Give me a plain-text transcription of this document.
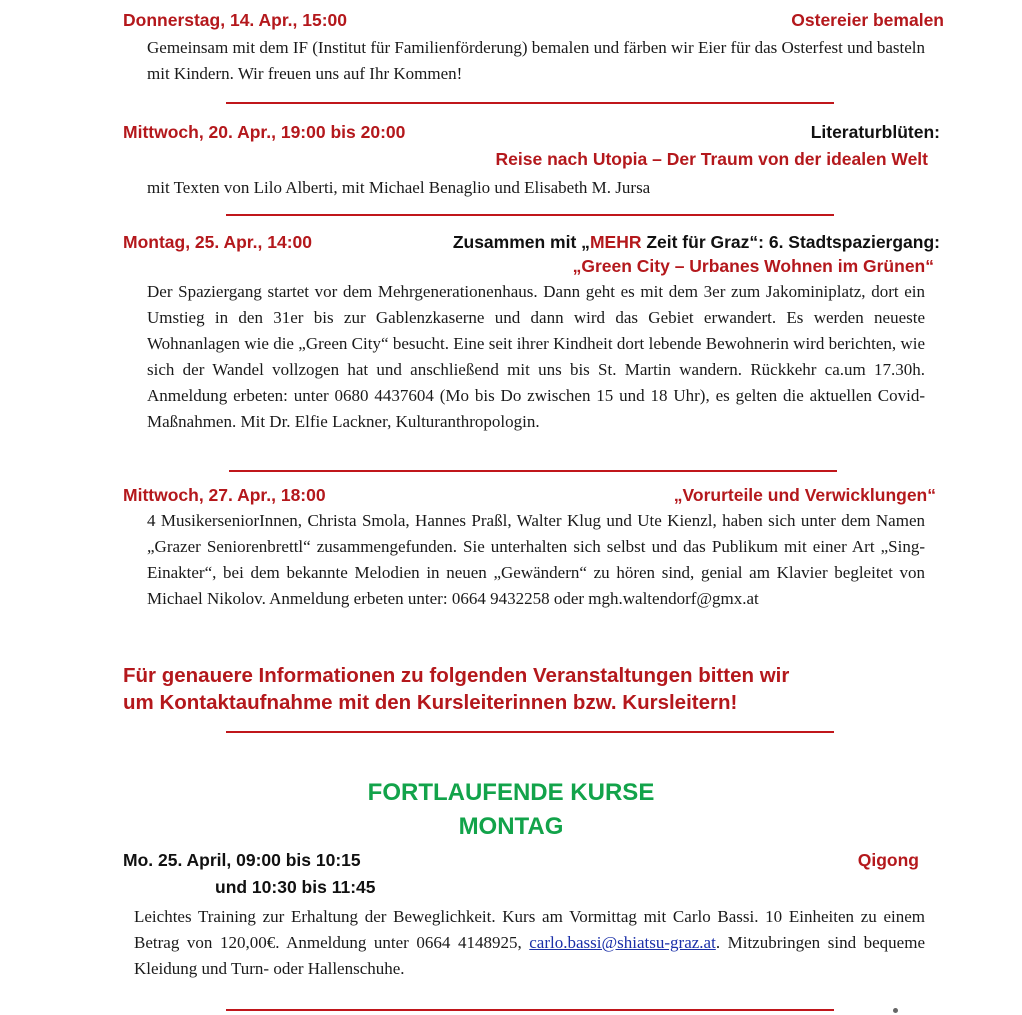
Donnerstag, 14. Apr., 15:00	Ostereier bemalen
Gemeinsam mit dem IF (Institut für Familienförderung) bemalen und färben wir Eier für das Osterfest und basteln mit Kindern. Wir freuen uns auf Ihr Kommen!
Mittwoch, 20. Apr., 19:00 bis 20:00	Literaturblüten:
Reise nach Utopia – Der Traum von der idealen Welt
mit Texten von Lilo Alberti, mit Michael Benaglio und Elisabeth M. Jursa
Montag, 25. Apr., 14:00	Zusammen mit „MEHR Zeit für Graz“: 6. Stadtspaziergang:
„Green City – Urbanes Wohnen im Grünen“
Der Spaziergang startet vor dem Mehrgenerationenhaus. Dann geht es mit dem 3er zum Jakominiplatz, dort ein Umstieg in den 31er bis zur Gablenzkaserne und dann wird das Gebiet erwandert. Es werden neueste Wohnanlagen wie die „Green City“ besucht. Eine seit ihrer Kindheit dort lebende Bewohnerin wird berichten, wie sich der Wandel vollzogen hat und anschließend mit uns bis St. Martin wandern. Rückkehr ca.um 17.30h. Anmeldung erbeten: unter 0680 4437604 (Mo bis Do zwischen 15 und 18 Uhr), es gelten die aktuellen Covid-Maßnahmen. Mit Dr. Elfie Lackner, Kulturanthropologin.
Mittwoch, 27. Apr., 18:00	„Vorurteile und Verwicklungen“
4 MusikerseniorInnen, Christa Smola, Hannes Praßl, Walter Klug und Ute Kienzl, haben sich unter dem Namen „Grazer Seniorenbrettl“ zusammengefunden. Sie unterhalten sich selbst und das Publikum mit einer Art „Sing-Einakter“, bei dem bekannte Melodien in neuen „Gewändern“ zu hören sind, genial am Klavier begleitet von Michael Nikolov. Anmeldung erbeten unter: 0664 9432258 oder mgh.waltendorf@gmx.at
Für genauere Informationen zu folgenden Veranstaltungen bitten wir
um Kontaktaufnahme mit den Kursleiterinnen bzw. Kursleitern!
FORTLAUFENDE KURSE
MONTAG
Mo. 25. April, 09:00 bis 10:15
und 10:30 bis 11:45
Qigong
Leichtes Training zur Erhaltung der Beweglichkeit. Kurs am Vormittag mit Carlo Bassi. 10 Einheiten zu einem Betrag von 120,00€. Anmeldung unter 0664 4148925, carlo.bassi@shiatsu-graz.at. Mitzubringen sind bequeme Kleidung und Turn- oder Hallenschuhe.
